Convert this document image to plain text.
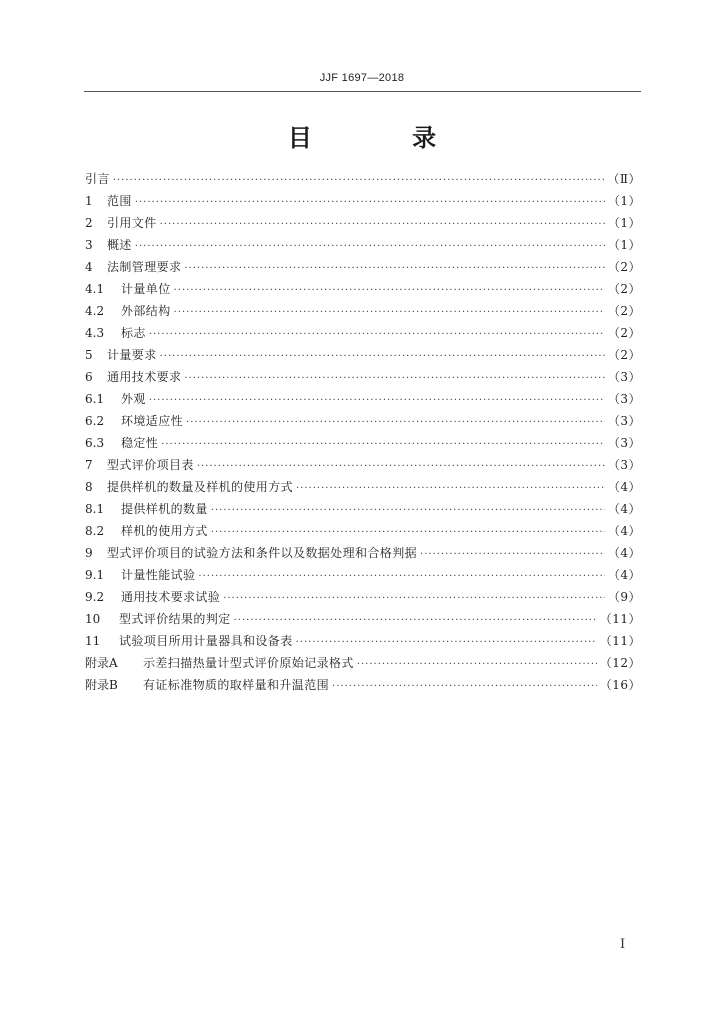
JJF 1697—2018
目 录
引言 ·····	（Ⅱ）
1	范围 ·····	（1）
2	引用文件 ·····	（1）
3	概述 ·····	（1）
4	法制管理要求 ·····	（2）
4.1	计量单位 ·····	（2）
4.2	外部结构 ·····	（2）
4.3	标志 ·····	（2）
5	计量要求 ·····	（2）
6	通用技术要求 ·····	（3）
6.1	外观 ·····	（3）
6.2	环境适应性 ·····	（3）
6.3	稳定性 ·····	（3）
7	型式评价项目表 ·····	（3）
8	提供样机的数量及样机的使用方式 ·····	（4）
8.1	提供样机的数量 ·····	（4）
8.2	样机的使用方式 ·····	（4）
9	型式评价项目的试验方法和条件以及数据处理和合格判据 ·····	（4）
9.1	计量性能试验 ·····	（4）
9.2	通用技术要求试验 ·····	（9）
10	型式评价结果的判定 ·····	（11）
11	试验项目所用计量器具和设备表 ·····	（11）
附录A	示差扫描热量计型式评价原始记录格式 ·····	（12）
附录B	有证标准物质的取样量和升温范围 ·····	（16）
I
